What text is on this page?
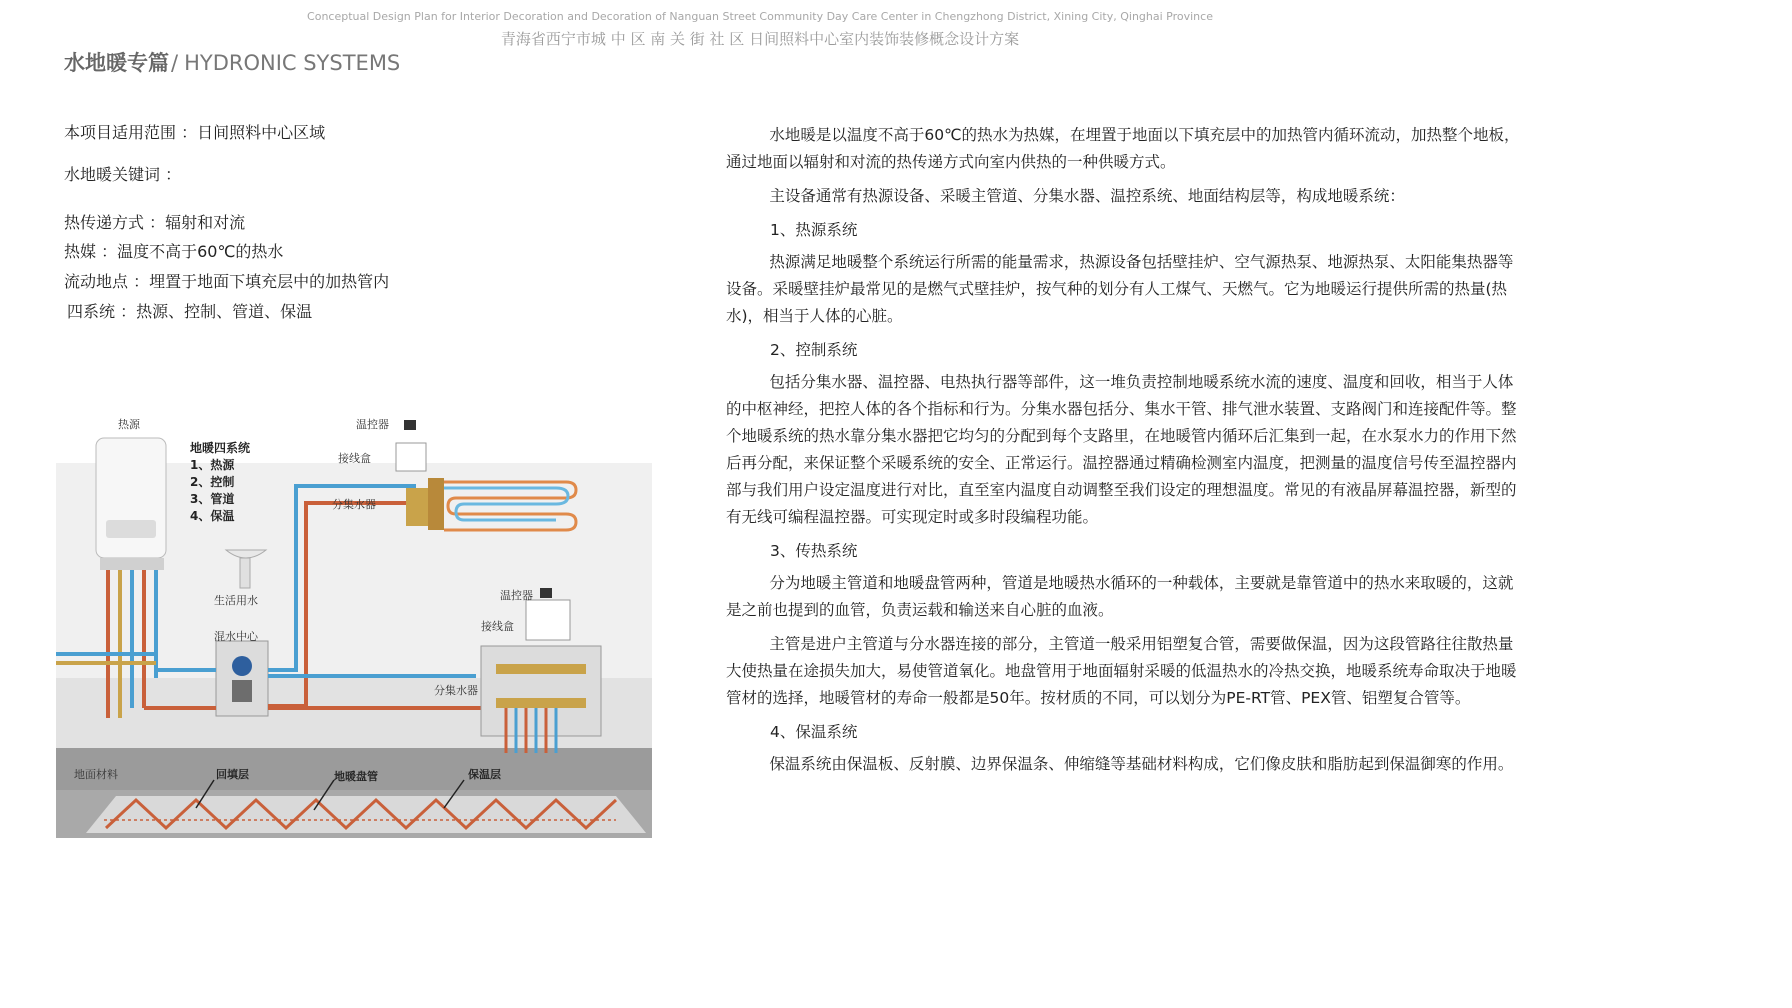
Conceptual Design Plan for Interior Decoration and Decoration of Nanguan Street Community Day Care Center in Chengzhong District, Xining City, Qinghai Province
青海省西宁市城 中 区 南 关 街 社 区 日间照料中心室内装饰装修概念设计方案
水地暖专篇/ HYDRONIC SYSTEMS
本项目适用范围 ：日间照料中心区域
水地暖关键词 ：
热传递方式 ：辐射和对流
热媒 ：温度不高于60℃的热水
流动地点 ：埋置于地面下填充层中的加热管内
四系统 ：热源、控制、管道、保温
热源
地暖四系统
1、热源
2、控制
3、管道
4、保温
温控器
接线盒
分集水器
生活用水
混水中心
温控器
接线盒
分集水器
地面材料	回填层	地暖盘管	保温层

水地暖是以温度不高于60℃的热水为热媒，在埋置于地面以下填充层中的加热管内循环流动，加热整个地板，通过地面以辐射和对流的热传递方式向室内供热的一种供暖方式。

主设备通常有热源设备、采暖主管道、分集水器、温控系统、地面结构层等，构成地暖系统：

1、热源系统

热源满足地暖整个系统运行所需的能量需求，热源设备包括壁挂炉、空气源热泵、地源热泵、太阳能集热器等设备。采暖壁挂炉最常见的是燃气式壁挂炉，按气种的划分有人工煤气、天燃气。它为地暖运行提供所需的热量(热水)，相当于人体的心脏。

2、控制系统

包括分集水器、温控器、电热执行器等部件，这一堆负责控制地暖系统水流的速度、温度和回收，相当于人体的中枢神经，把控人体的各个指标和行为。分集水器包括分、集水干管、排气泄水装置、支路阀门和连接配件等。整个地暖系统的热水靠分集水器把它均匀的分配到每个支路里，在地暖管内循环后汇集到一起，在水泵水力的作用下然后再分配，来保证整个采暖系统的安全、正常运行。温控器通过精确检测室内温度，把测量的温度信号传至温控器内部与我们用户设定温度进行对比，直至室内温度自动调整至我们设定的理想温度。常见的有液晶屏幕温控器，新型的有无线可编程温控器。可实现定时或多时段编程功能。

3、传热系统

分为地暖主管道和地暖盘管两种，管道是地暖热水循环的一种载体，主要就是靠管道中的热水来取暖的，这就是之前也提到的血管，负责运载和输送来自心脏的血液。

主管是进户主管道与分水器连接的部分，主管道一般采用铝塑复合管，需要做保温，因为这段管路往往散热量大使热量在途损失加大，易使管道氧化。地盘管用于地面辐射采暖的低温热水的冷热交换，地暖系统寿命取决于地暖管材的选择，地暖管材的寿命一般都是50年。按材质的不同，可以划分为PE-RT管、PEX管、铝塑复合管等。

4、保温系统

保温系统由保温板、反射膜、边界保温条、伸缩缝等基础材料构成，它们像皮肤和脂肪起到保温御寒的作用。
